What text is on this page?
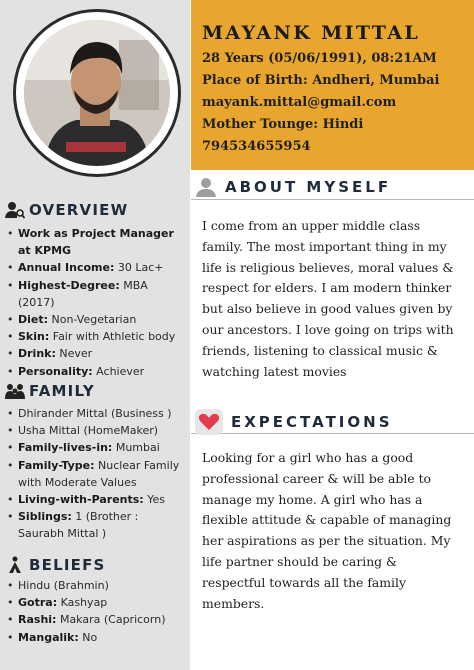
OVERVIEW
• Work as Project Manager at KPMG
• Annual Income: 30 Lac+
• Highest-Degree: MBA (2017)
• Diet: Non-Vegetarian
• Skin: Fair with Athletic body
• Drink: Never
• Personality: Achiever
FAMILY
• Dhirander Mittal (Business )
• Usha Mittal (HomeMaker)
• Family-lives-in: Mumbai
• Family-Type: Nuclear Family with Moderate Values
• Living-with-Parents: Yes
• Siblings: 1 (Brother : Saurabh Mittal )
BELIEFS
• Hindu (Brahmin)
• Gotra: Kashyap
• Rashi: Makara (Capricorn)
• Mangalik: No
MAYANK MITTAL
28 Years (05/06/1991), 08:21AM
Place of Birth: Andheri, Mumbai
mayank.mittal@gmail.com
Mother Tounge: Hindi
794534655954
ABOUT MYSELF
I come from an upper middle class family. The most important thing in my life is religious believes, moral values & respect for elders. I am modern thinker but also believe in good values given by our ancestors. I love going on trips with friends, listening to classical music & watching latest movies
EXPECTATIONS
Looking for a girl who has a good professional career & will be able to manage my home. A girl who has a flexible attitude & capable of managing her aspirations as per the situation. My life partner should be caring & respectful towards all the family members.
